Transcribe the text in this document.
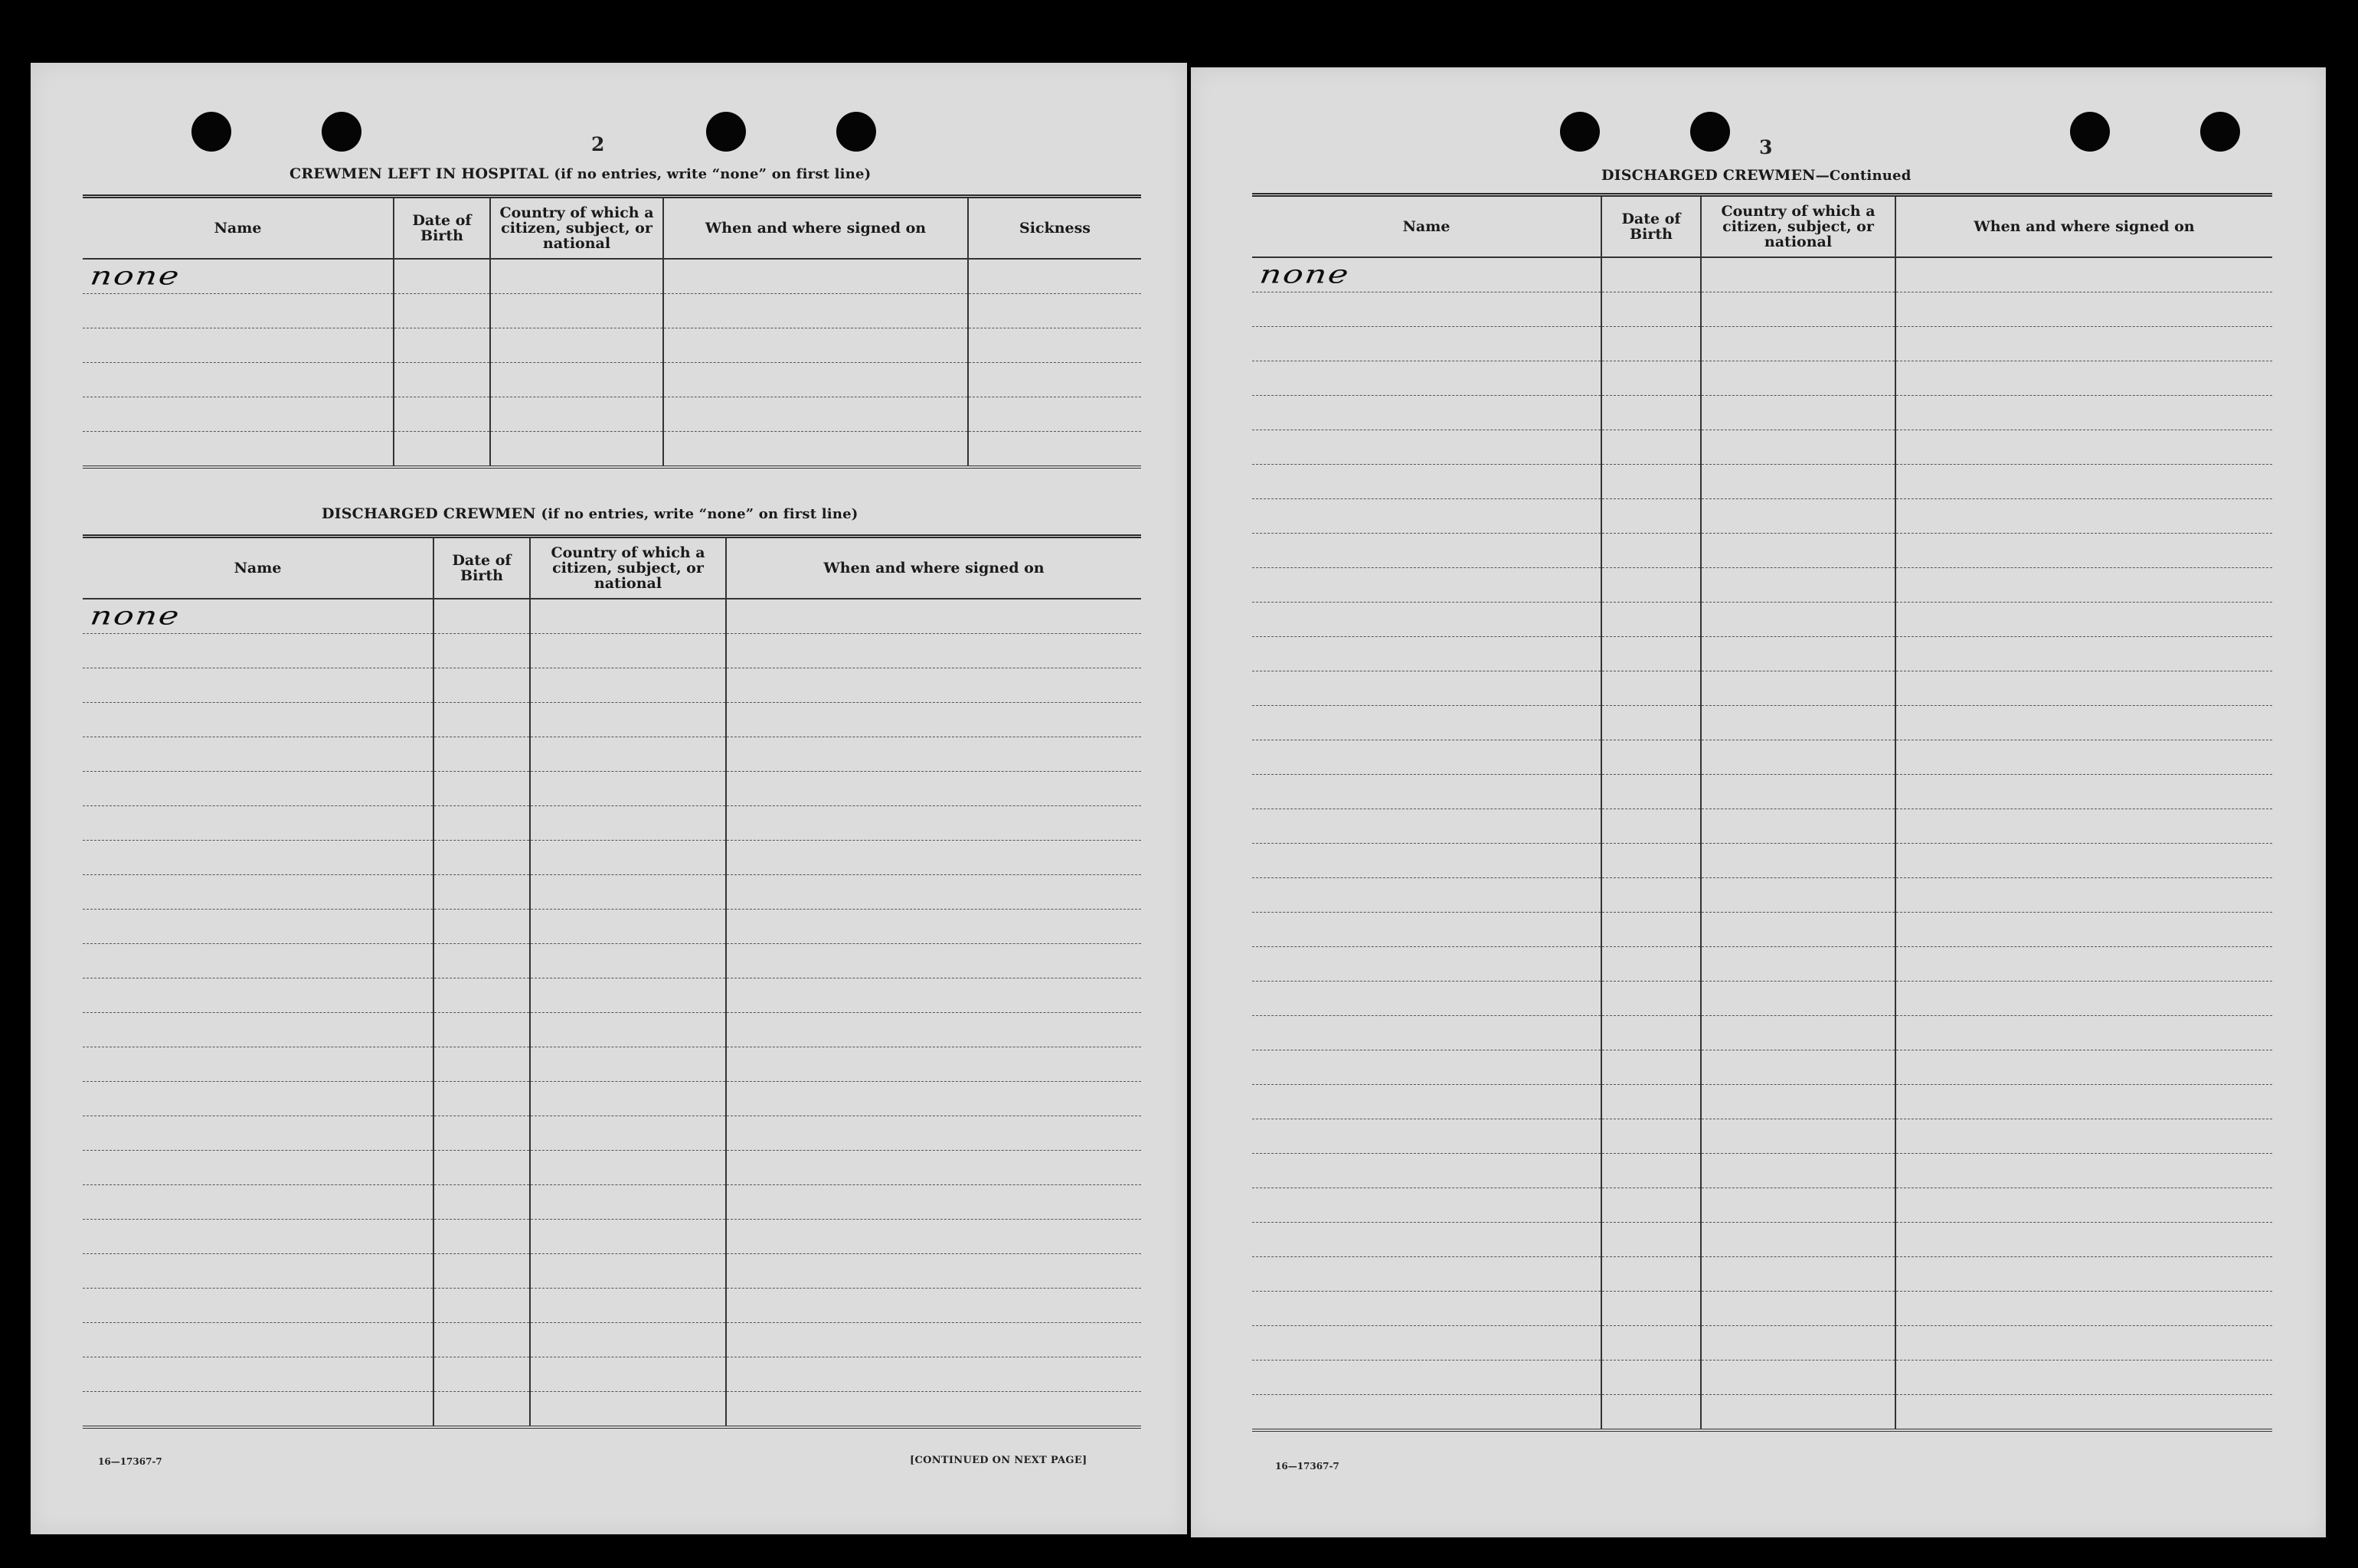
2
CREWMEN LEFT IN HOSPITAL (if no entries, write “none” on first line)
Name	Date of Birth	Country of which a citizen, subject, or national	When and where signed on	Sickness
none				

DISCHARGED CREWMEN (if no entries, write “none” on first line)
Name	Date of Birth	Country of which a citizen, subject, or national	When and where signed on
none			

16—17367-7	[CONTINUED ON NEXT PAGE]
3
DISCHARGED CREWMEN—Continued
Name	Date of Birth	Country of which a citizen, subject, or national	When and where signed on
none			

16—17367-7
